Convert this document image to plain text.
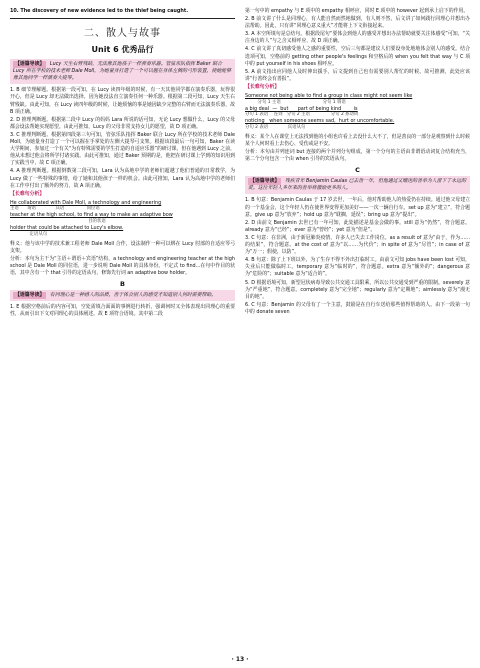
10. The discovery of new evidence led to the thief being caught.

二、散人与故事
Unit 6 优秀品行
【语篇导读】 Lucy 天生右臂残缺，无法像其他孩子一样弹奏乐器。管弦乐队指挥 Baker 联合 Lucy 所在学校的技术老师 Dale Moll，为她量身打造了一个可以握在身体左侧的弓形装置，使她能够像其他同学一样演奏大提琴。

1. B 细节理解题。根据第一段可知，在 Lucy 读四年级的时候，有一天其他同学都在演奏乐器，玩得很开心，但是 Lucy 却无法做出选择，因为她没法直立演奏任何一种乐器。根据第二段可知，Lucy 天生右臂残缺。由此可知，在 Lucy 读四年级的时候，让她烦恼的事是她因缺少完整的右臂而无法演奏乐器，故 B 项正确。

2. D 推理判断题。根据第二段中 Lucy 的妈妈 Lara 所说的话可知，无论 Lucy 想做什么，Lucy 的父母都会设法帮她实现愿望。由此可推知，Lucy 的父母非常支持女儿的愿望，故 D 项正确。

3. C 推理判断题。根据第四段第三句可知，管弦乐队指挥 Baker 联合 Lucy 所在学校的技术老师 Dale Moll，为她量身打造了一个可以握在手掌处的左侧大提琴弓支架。根据该段最后一句可知，Baker 在读大学期间，参加过一个有关“为有特殊需要的学生打造的自适应乐器”的研讨课，但在他遇到 Lucy 之前，他从未想过他会将所学付诸实践。由此可推知，通过 Baker 预期的是，他把在研讨课上学到的知识用到了实践当中，故 C 项正确。

4. A 推理判断题。根据倒数第二段可知，Lara 认为高地中学的老师们超越了他们普通的日常教学，为 Lucy 做了一些特殊的事情，给了她和其他孩子一样的机会。由此可推知，Lara 认为高地中学的老师们在工作中付出了额外的努力，故 A 项正确。

【长难句分析】
He collaborated with Dale Moll, a technology and engineering
主语      谓语              宾语                同位语
teacher at the high school, to find a way to make an adaptive bow
目的状语
holder that could be attached to Lucy's elbow.
定语从句

释义：他与该中学的技术兼工程老师 Dale Moll 合作，设法制作一种可以绑在 Lucy 肘部的自适应琴弓支架。

分析：本句为主干为“主语＋谓语＋宾语”结构，a technology and engineering teacher at the high school 是 Dale Moll 的同位语，进一步说明 Dale Moll 的具体身份。不定式 to find...在句中作目的状语，其中含有一个 that 引导的定语从句，修饰先行词 an adaptive bow holder。

B
【语篇导读】 有同理心是一种感人的品质，善于体会别人的感受才知道别人何时需要帮助。

1. E 根据空格前后的内容可知，空处需填合面面的事例进行转折，强调何时又全体表现出同理心的重要性，从而引出下文对同理心的具体阐述。故 E 项符合语境。其中第二段

第一句中的 empathy 与 E 项中的 empathy 相呼应，同时 E 项中的 however 起到承上启下的作用。

2. B 前文讲了什么是同理心，有人能自然而然地做到，有人则不然，后文讲了如何践行同理心并想出办法帮助。因此，只有讲“同理心意义重大”才能将上下文衔接起来。

3. A 本空所填句是总结句。根据段尾句“要体会到他人的感受并想出办法帮助就要关注体感受”可知，“关注身边的人”与之含义相呼应，故 D 项正确。

4. C 前文讲了真切感受他人之感的重要性，空后三句都是建议人们要设身处地地体会别人的感受。结合选项可知，空格前的 getting other people's feelings 和空格后的 when you felt that way 与 C 项中的 put yourself in his shoes 相呼应。

5. A 前文指出应同他人及时伸出援手，后文提到自己也有需要别人帮忙的时候。故可推测，此处应该讲“行善终会有善报”。

【长难句分析】
Someone not being able to find a group in class might not seem like
分句 1 主语                              分句 1 谓语
a big deal  —  but      part of being kind        is
分句 1 表语    连词   分句 2 主语               分句 2 系动词
noticing   when someone seems sad,  hurt or uncomfortable.
分句 2 表语              宾语从句

释义：某个人在课堂上无法找到他的小组也许看上去没什么大不了，但是善良的一部分是观察到什么时候某个人何时看上去伤心、受伤或是不安。

分析：本句由并列连词 but 连接的两个并列分句组成，第一个分句的主语由非谓语动词复合结构充当，第二个分句包含一个由 when 引导的宾语从句。

C
【语篇导读】 残疾青年 Benjamin Caulas 已去世一年，但他通过又赠送的善举为人留下了永远的爱。这位年轻人多年来的善举将激励更多的人。

1. B 句意：Benjamin Caulas 于 17 岁去世，一年后，他对帮助他人的热爱仍在持续。通过他父母建立的一个基金会，这个年轻人仍在使世界变得更加美好——一次一辆自行车。set up 意为“建立”，符合题意。give up 意为“放弃”；hold up 意为“耽搁，延误”；bring up 意为“提出”。

2. D 由前文 Benjamin 去世已有一年可知，此处描述是基金会做的事。still 意为“仍然”，符合题意。already 意为“已经”；ever 意为“曾经”；yet 意为“但是”。

3. C 句意：在非洲，由于新冠肺炎疫情，许多人已失去工作岗位。as a result of 意为“由于，作为……的结果”，符合题意。at the cost of 意为“以……为代价”；in spite of 意为“尽管”；in case of 意为“万一；假使，以防”。

4. B 句意：除了上下班以外，为了生存不得不外出打临时工。由前文可知 jobs have been lost 可知，失业后只能做临时工。temporary 意为“临时的”，符合题意。extra 意为“额外的”；dangerous 意为“危险的”；suitable 意为“适合的”。

5. D 根据语境可知，新型冠状病毒导致公共交通工具限乘，所以公共交通受到严重的限制。severely 意为“严重地”，符合题意。completely 意为“完全地”；regularly 意为“定期地”；aimlessly 意为“漫无目的地”。

6. C 句意：Benjamin 的父母有了一个主意，鼓励是在自行车送给那些值得帮助的人。由下一段第一句中的 donate seven

· 13 ·
